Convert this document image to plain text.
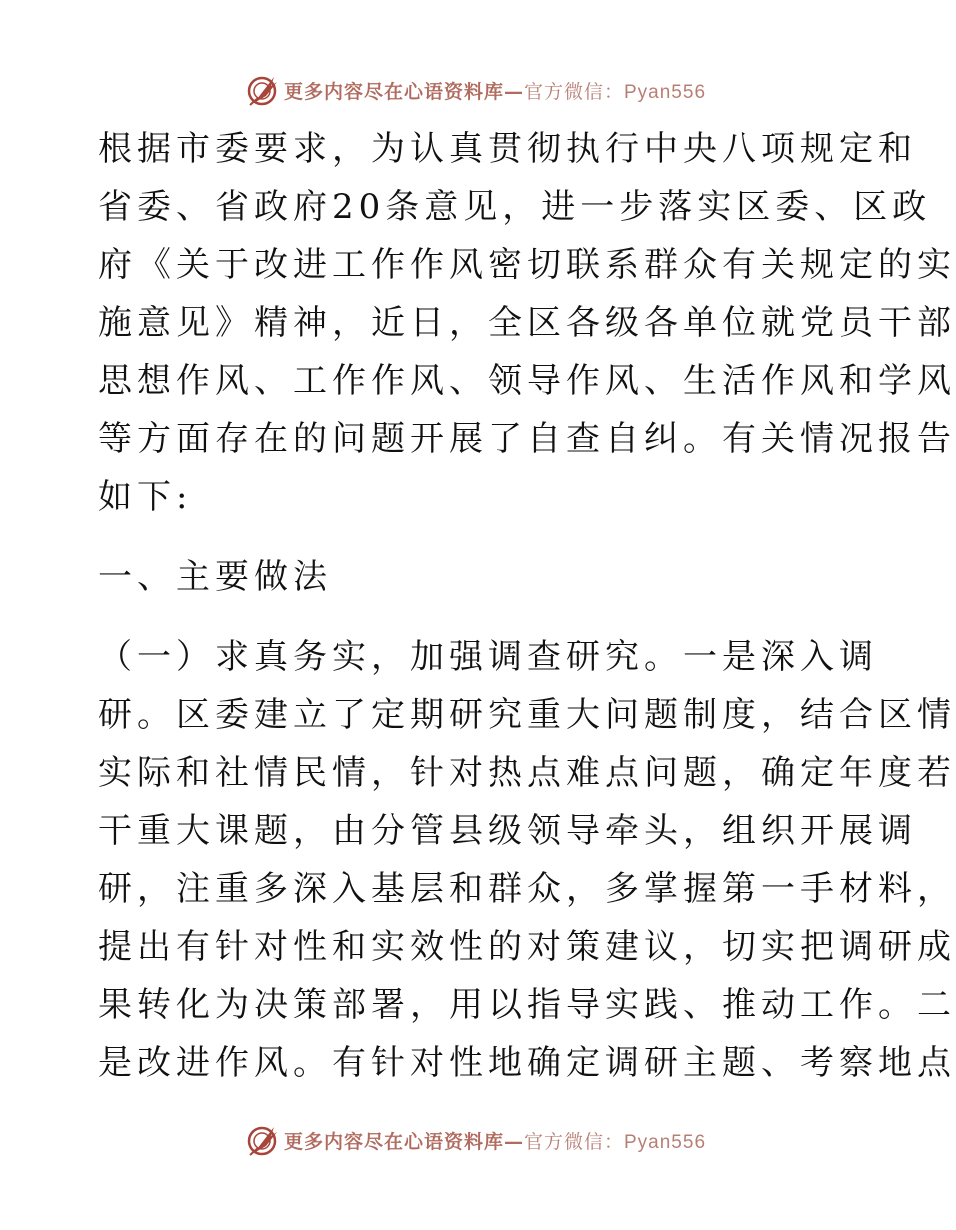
更多内容尽在心语资料库—官方微信：Pyan556
根据市委要求，为认真贯彻执行中央八项规定和
省委、省政府20条意见，进一步落实区委、区政
府《关于改进工作作风密切联系群众有关规定的实
施意见》精神，近日，全区各级各单位就党员干部
思想作风、工作作风、领导作风、生活作风和学风
等方面存在的问题开展了自查自纠。有关情况报告
如下:
一、主要做法
（一）求真务实，加强调查研究。一是深入调
研。区委建立了定期研究重大问题制度，结合区情
实际和社情民情，针对热点难点问题，确定年度若
干重大课题，由分管县级领导牵头，组织开展调
研，注重多深入基层和群众，多掌握第一手材料，
提出有针对性和实效性的对策建议，切实把调研成
果转化为决策部署，用以指导实践、推动工作。二
是改进作风。有针对性地确定调研主题、考察地点
更多内容尽在心语资料库—官方微信：Pyan556
